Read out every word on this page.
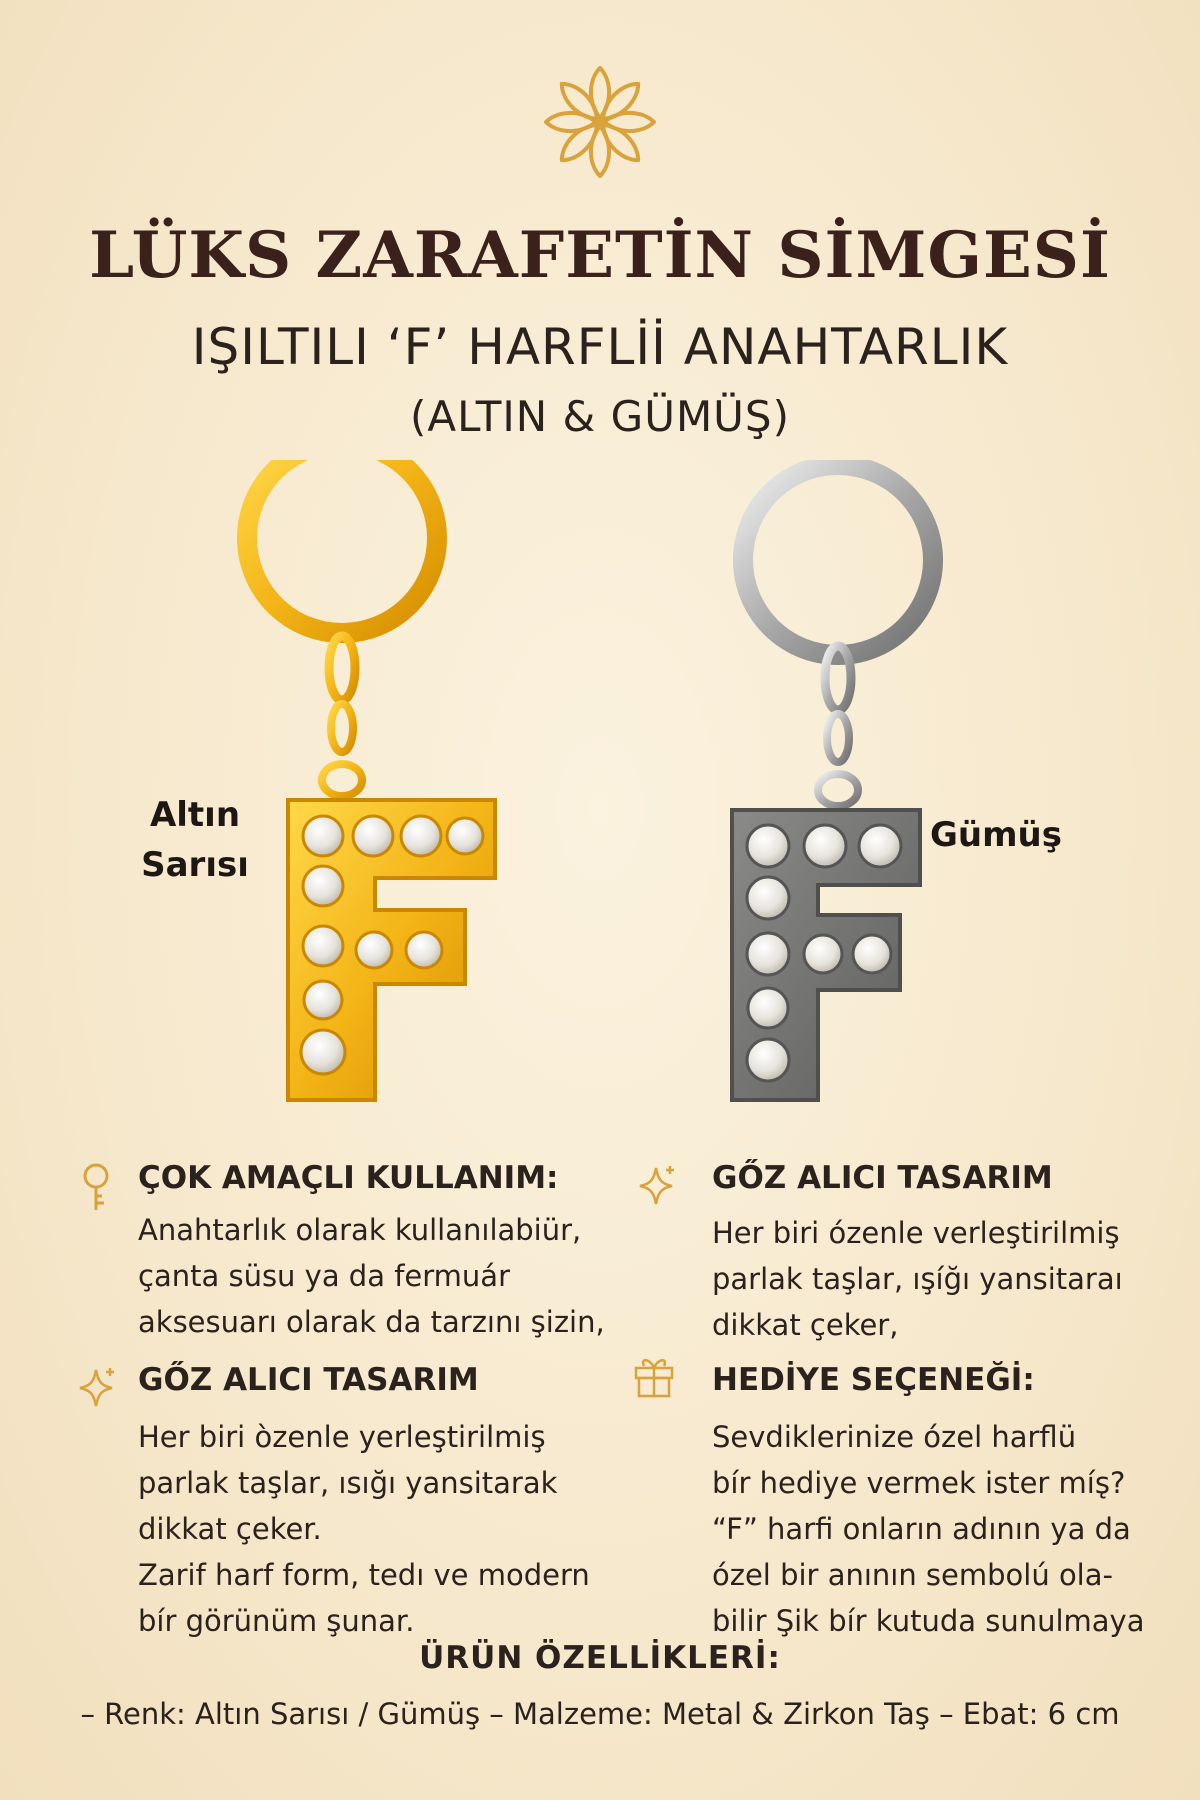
LÜKS ZARAFETİN SİMGESİ
IŞILTILI ‘F’ HARFLİİ ANAHTARLIK
(ALTIN & GÜMÜŞ)
Altın Sarısı
Gümüş
ÇOK AMAÇLI KULLANIM:
Anahtarlık olarak kullanılabiür,
çanta süsu ya da fermuár
aksesuarı olarak da tarzını şizin,
GŐZ ALICI TASARIM
Her biri òzenle yerleştirilmiş
parlak taşlar, ısığı yansitarak
dikkat çeker.
Zarif harf form, tedı ve modern
bír görünüm şunar.
GŐZ ALICI TASARIM
Her biri ózenle verleştirilmiş
parlak taşlar, ışíğı yansitaraı
dikkat çeker,
HEDİYE SEÇENEĞİ:
Sevdiklerinize ózel harflü
bír hediye vermek ister mís̨?
“F” harfi onların adının ya da
ózel bir anının sembolú ola-
bilir Şik bír kutuda sunulmaya
ÜRÜN ÖZELLİKLERİ:
– Renk: Altın Sarısı / Gümüş – Malzeme: Metal & Zirkon Taş – Ebat: 6 cm
